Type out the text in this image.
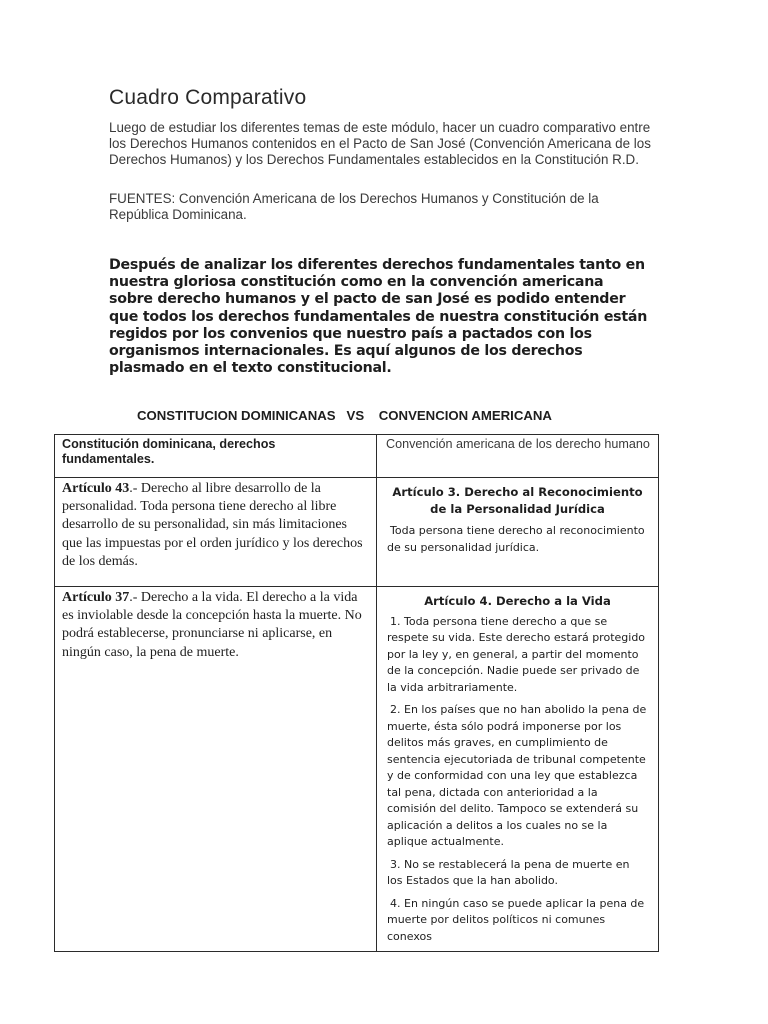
Cuadro Comparativo
Luego de estudiar los diferentes temas de este módulo, hacer un cuadro comparativo entre los Derechos Humanos contenidos en el Pacto de San José (Convención Americana de los Derechos Humanos) y los Derechos Fundamentales establecidos en la Constitución R.D.
FUENTES: Convención Americana de los Derechos Humanos y Constitución de la República Dominicana.
Después de analizar los diferentes derechos fundamentales tanto en nuestra gloriosa constitución como en la convención americana sobre derecho humanos y el pacto de san José es podido entender que todos los derechos fundamentales de nuestra constitución están regidos por los convenios que nuestro país a pactados con los organismos internacionales. Es aquí algunos de los derechos plasmado en el texto constitucional.
CONSTITUCION DOMINICANAS   VS    CONVENCION AMERICANA
Constitución dominicana, derechos fundamentales.	Convención americana de los derecho humano
Artículo 43.- Derecho al libre desarrollo de la personalidad. Toda persona tiene derecho al libre desarrollo de su personalidad, sin más limitaciones que las impuestas por el orden jurídico y los derechos de los demás.	Artículo 3. Derecho al Reconocimiento de la Personalidad Jurídica
Toda persona tiene derecho al reconocimiento de su personalidad jurídica.

Artículo 37.- Derecho a la vida. El derecho a la vida es inviolable desde la concepción hasta la muerte. No podrá establecerse, pronunciarse ni aplicarse, en ningún caso, la pena de muerte.	Artículo 4. Derecho a la Vida
1. Toda persona tiene derecho a que se respete su vida. Este derecho estará protegido por la ley y, en general, a partir del momento de la concepción. Nadie puede ser privado de la vida arbitrariamente.
2. En los países que no han abolido la pena de muerte, ésta sólo podrá imponerse por los delitos más graves, en cumplimiento de sentencia ejecutoriada de tribunal competente y de conformidad con una ley que establezca tal pena, dictada con anterioridad a la comisión del delito. Tampoco se extenderá su aplicación a delitos a los cuales no se la aplique actualmente.
3. No se restablecerá la pena de muerte en los Estados que la han abolido.
4. En ningún caso se puede aplicar la pena de muerte por delitos políticos ni comunes conexos
